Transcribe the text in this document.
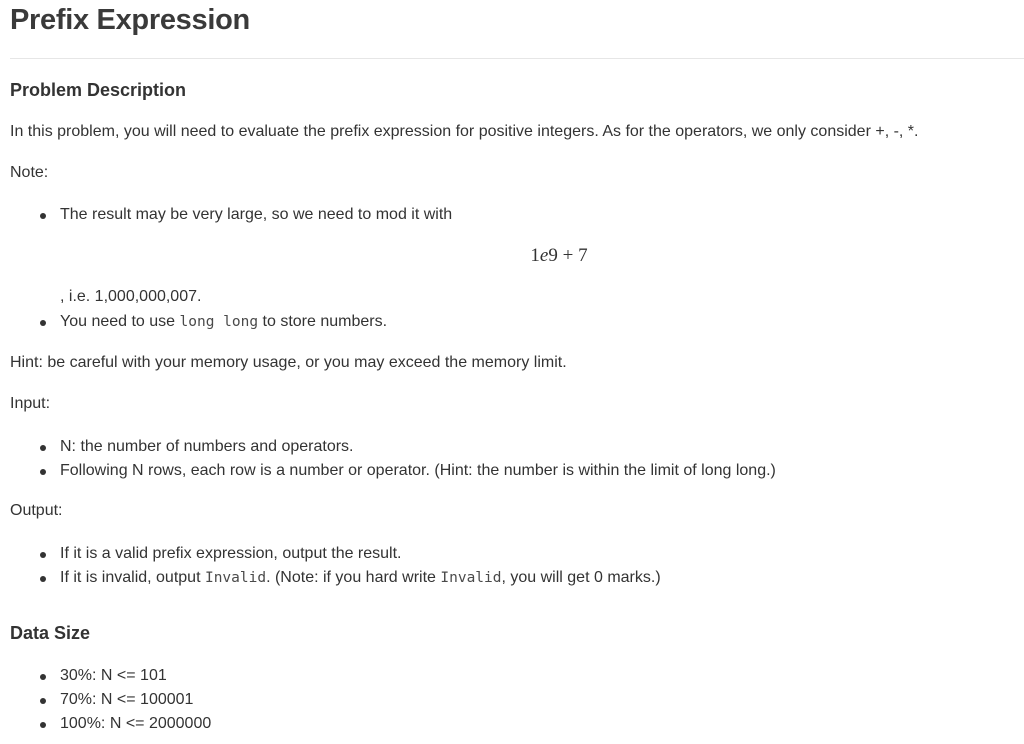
Prefix Expression
Problem Description

In this problem, you will need to evaluate the prefix expression for positive integers. As for the operators, we only consider +, -, *.

Note:

The result may be very large, so we need to mod it with
1e9 + 7

, i.e. 1,000,000,007.

You need to use long long to store numbers.

Hint: be careful with your memory usage, or you may exceed the memory limit.

Input:

N: the number of numbers and operators.
Following N rows, each row is a number or operator. (Hint: the number is within the limit of long long.)

Output:

If it is a valid prefix expression, output the result.
If it is invalid, output Invalid. (Note: if you hard write Invalid, you will get 0 marks.)
Data Size
30%: N <= 101
70%: N <= 100001
100%: N <= 2000000
